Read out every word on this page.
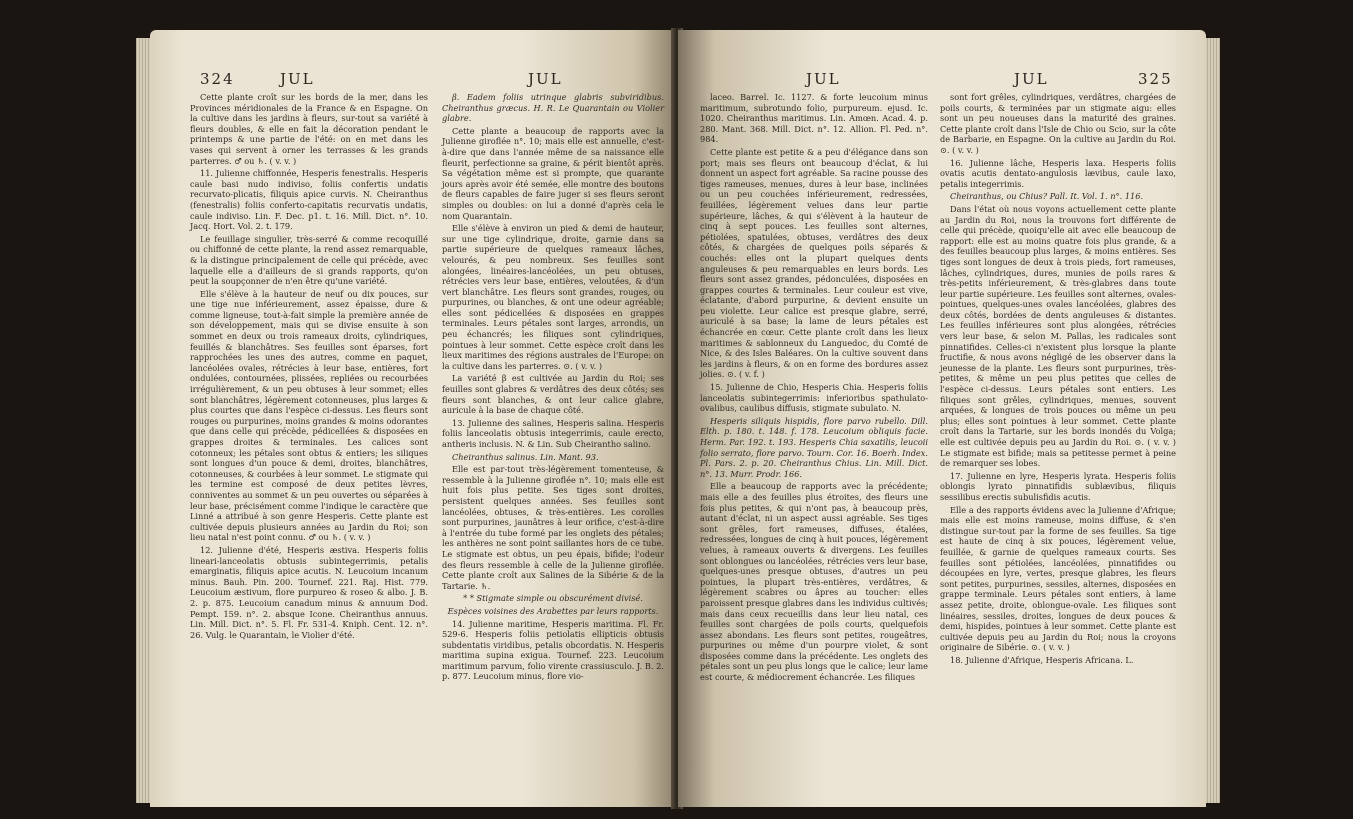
324	JUL	JUL

Cette plante croît sur les bords de la mer, dans les Provinces méridionales de la France & en Espagne. On la cultive dans les jardins à fleurs, sur-tout sa variété à fleurs doubles, & elle en fait la décoration pendant le printemps & une partie de l'été: on en met dans les vases qui servent à orner les terrasses & les grands parterres. ♂ ou ♄. ( v. v. )

11. Julienne chiffonnée, Hesperis fenestralis. Hesperis caule basi nudo indiviso, foliis confertis undatis recurvato-plicatis, filiquis apice curvis. N. Cheiranthus (fenestralis) foliis conferto-capitatis recurvatis undatis, caule indiviso. Lin. F. Dec. p1. t. 16. Mill. Dict. n°. 10. Jacq. Hort. Vol. 2. t. 179.

Le feuillage singulier, très-serré & comme recoquillé ou chiffonné de cette plante, la rend assez remarquable, & la distingue principalement de celle qui précède, avec laquelle elle a d'ailleurs de si grands rapports, qu'on peut la soupçonner de n'en être qu'une variété.

Elle s'élève à la hauteur de neuf ou dix pouces, sur une tige nue inférieurement, assez épaisse, dure & comme ligneuse, tout-à-fait simple la première année de son développement, mais qui se divise ensuite à son sommet en deux ou trois rameaux droits, cylindriques, feuillés & blanchâtres. Ses feuilles sont éparses, fort rapprochées les unes des autres, comme en paquet, lancéolées ovales, rétrécies à leur base, entières, fort ondulées, contournées, plissées, repliées ou recourbées irrégulièrement, & un peu obtuses à leur sommet; elles sont blanchâtres, légèrement cotonneuses, plus larges & plus courtes que dans l'espèce ci-dessus. Les fleurs sont rouges ou purpurines, moins grandes & moins odorantes que dans celle qui précède, pédicellées & disposées en grappes droites & terminales. Les calices sont cotonneux; les pétales sont obtus & entiers; les siliques sont longues d'un pouce & demi, droites, blanchâtres, cotonneuses, & courbées à leur sommet. Le stigmate qui les termine est composé de deux petites lèvres, conniventes au sommet & un peu ouvertes ou séparées à leur base, précisément comme l'indique le caractère que Linné a attribué à son genre Hesperis. Cette plante est cultivée depuis plusieurs années au Jardin du Roi; son lieu natal n'est point connu. ♂ ou ♄. ( v. v. )

12. Julienne d'été, Hesperis æstiva. Hesperis foliis lineari-lanceolatis obtusis subintegerrimis, petalis emarginatis, filiquis apice acutis. N. Leucoium incanum minus. Bauh. Pin. 200. Tournef. 221. Raj. Hist. 779. Leucoium æstivum, flore purpureo & roseo & albo. J. B. 2. p. 875. Leucoium canadum minus & annuum Dod. Pempt. 159. n°. 2. absque Icone. Cheiranthus annuus. Lin. Mill. Dict. n°. 5. Fl. Fr. 531-4. Kniph. Cent. 12. n°. 26. Vulg. le Quarantain, le Violier d'été.

β. Eadem foliis utrinque glabris subviridibus. Cheiranthus græcus. H. R. Le Quarantain ou Violier glabre.

Cette plante a beaucoup de rapports avec la Julienne giroflée n°. 10; mais elle est annuelle, c'est-à-dire que dans l'année même de sa naissance elle fleurit, perfectionne sa graine, & périt bientôt après. Sa végétation même est si prompte, que quarante jours après avoir été semée, elle montre des boutons de fleurs capables de faire juger si ses fleurs seront simples ou doubles: on lui a donné d'après cela le nom Quarantain.

Elle s'élève à environ un pied & demi de hauteur, sur une tige cylindrique, droite, garnie dans sa partie supérieure de quelques rameaux lâches, velourés, & peu nombreux. Ses feuilles sont alongées, linéaires-lancéolées, un peu obtuses, rétrécies vers leur base, entières, veloutées, & d'un vert blanchâtre. Les fleurs sont grandes, rouges, ou purpurines, ou blanches, & ont une odeur agréable; elles sont pédicellées & disposées en grappes terminales. Leurs pétales sont larges, arrondis, un peu échancrés; les filiques sont cylindriques, pointues à leur sommet. Cette espèce croît dans les lieux maritimes des régions australes de l'Europe: on la cultive dans les parterres. ⊙. ( v. v. )

La variété β est cultivée au Jardin du Roi; ses feuilles sont glabres & verdâtres des deux côtés; ses fleurs sont blanches, & ont leur calice glabre, auricule à la base de chaque côté.

13. Julienne des salines, Hesperis salina. Hesperis foliis lanceolatis obtusis integerrimis, caule erecto, antheris inclusis. N. & Lin. Sub Cheirantho salino.

Cheiranthus salinus. Lin. Mant. 93.

Elle est par-tout très-légèrement tomenteuse, & ressemble à la Julienne giroflée n°. 10; mais elle est huit fois plus petite. Ses tiges sont droites, persistent quelques années. Ses feuilles sont lancéolées, obtuses, & très-entières. Les corolles sont purpurines, jaunâtres à leur orifice, c'est-à-dire à l'entrée du tube formé par les onglets des pétales; les anthères ne sont point saillantes hors de ce tube. Le stigmate est obtus, un peu épais, bifide; l'odeur des fleurs ressemble à celle de la Julienne giroflée. Cette plante croît aux Salines de la Sibérie & de la Tartarie. ♄.

* * Stigmate simple ou obscurément divisé.

Espèces voisines des Arabettes par leurs rapports.

14. Julienne maritime, Hesperis maritima. Fl. Fr. 529-6. Hesperis foliis petiolatis ellipticis obtusis subdentatis viridibus, petalis obcordatis. N. Hesperis maritima supina exigua. Tournef. 223. Leucoium maritimum parvum, folio virente crassiusculo. J. B. 2. p. 877. Leucoium minus, flore vio-

JUL	JUL	325

laceo. Barrel. Ic. 1127. & forte leucoium minus maritimum, subrotundo folio, purpureum. ejusd. Ic. 1020. Cheiranthus maritimus. Lin. Amœn. Acad. 4. p. 280. Mant. 368. Mill. Dict. n°. 12. Allion. Fl. Ped. n°. 984.

Cette plante est petite & a peu d'élégance dans son port; mais ses fleurs ont beaucoup d'éclat, & lui donnent un aspect fort agréable. Sa racine pousse des tiges rameuses, menues, dures à leur base, inclinées ou un peu couchées inférieurement, redressées, feuillées, légèrement velues dans leur partie supérieure, lâches, & qui s'élèvent à la hauteur de cinq à sept pouces. Les feuilles sont alternes, pétiolées, spatulées, obtuses, verdâtres des deux côtés, & chargées de quelques poils séparés & couchés: elles ont la plupart quelques dents anguleuses & peu remarquables en leurs bords. Les fleurs sont assez grandes, pédonculées, disposées en grappes courtes & terminales. Leur couleur est vive, éclatante, d'abord purpurine, & devient ensuite un peu violette. Leur calice est presque glabre, serré, auriculé à sa base; la lame de leurs pétales est échancrée en cœur. Cette plante croît dans les lieux maritimes & sablonneux du Languedoc, du Comté de Nice, & des Isles Baléares. On la cultive souvent dans les jardins à fleurs, & on en forme des bordures assez jolies. ⊙. ( v. f. )

15. Julienne de Chio, Hesperis Chia. Hesperis foliis lanceolatis subintegerrimis: inferioribus spathulato-ovalibus, caulibus diffusis, stigmate subulato. N.

Hesperis siliquis hispidis, flore parvo rubello. Dill. Elth. p. 180. t. 148. f. 178. Leucoium obliquis facie. Herm. Par. 192. t. 193. Hesperis Chia saxatilis, leucoii folio serrato, flore parvo. Tourn. Cor. 16. Boerh. Index. Pl. Pars. 2. p. 20. Cheiranthus Chius. Lin. Mill. Dict. n°. 13. Murr. Prodr. 166.

Elle a beaucoup de rapports avec la précédente; mais elle a des feuilles plus étroites, des fleurs une fois plus petites, & qui n'ont pas, à beaucoup près, autant d'éclat, ni un aspect aussi agréable. Ses tiges sont grêles, fort rameuses, diffuses, étalées, redressées, longues de cinq à huit pouces, légèrement velues, à rameaux ouverts & divergens. Les feuilles sont oblongues ou lancéolées, rétrécies vers leur base, quelques-unes presque obtuses, d'autres un peu pointues, la plupart très-entières, verdâtres, & légèrement scabres ou âpres au toucher: elles paroissent presque glabres dans les individus cultivés; mais dans ceux recueillis dans leur lieu natal, ces feuilles sont chargées de poils courts, quelquefois assez abondans. Les fleurs sont petites, rougeâtres, purpurines ou même d'un pourpre violet, & sont disposées comme dans la précédente. Les onglets des pétales sont un peu plus longs que le calice; leur lame est courte, & médiocrement échancrée. Les filiques

sont fort grêles, cylindriques, verdâtres, chargées de poils courts, & terminées par un stigmate aigu: elles sont un peu noueuses dans la maturité des graines. Cette plante croît dans l'Isle de Chio ou Scio, sur la côte de Barbarie, en Espagne. On la cultive au Jardin du Roi. ⊙. ( v. v. )

16. Julienne lâche, Hesperis laxa. Hesperis foliis ovatis acutis dentato-angulosis lævibus, caule laxo, petalis integerrimis.

Cheiranthus, ou Chius? Pall. It. Vol. 1. n°. 116.

Dans l'état où nous voyons actuellement cette plante au Jardin du Roi, nous la trouvons fort différente de celle qui précède, quoiqu'elle ait avec elle beaucoup de rapport: elle est au moins quatre fois plus grande, & a des feuilles beaucoup plus larges, & moins entières. Ses tiges sont longues de deux à trois pieds, fort rameuses, lâches, cylindriques, dures, munies de poils rares & très-petits inférieurement, & très-glabres dans toute leur partie supérieure. Les feuilles sont alternes, ovales-pointues, quelques-unes ovales lancéolées, glabres des deux côtés, bordées de dents anguleuses & distantes. Les feuilles inférieures sont plus alongées, rétrécies vers leur base, & selon M. Pallas, les radicales sont pinnatifides. Celles-ci n'existent plus lorsque la plante fructifie, & nous avons négligé de les observer dans la jeunesse de la plante. Les fleurs sont purpurines, très-petites, & même un peu plus petites que celles de l'espèce ci-dessus. Leurs pétales sont entiers. Les filiques sont grêles, cylindriques, menues, souvent arquées, & longues de trois pouces ou même un peu plus; elles sont pointues à leur sommet. Cette plante croît dans la Tartarie, sur les bords inondés du Volga; elle est cultivée depuis peu au Jardin du Roi. ⊙. ( v. v. ) Le stigmate est bifide; mais sa petitesse permet à peine de remarquer ses lobes.

17. Julienne en lyre, Hesperis lyrata. Hesperis foliis oblongis lyrato pinnatifidis sublævibus, filiquis sessilibus erectis subulisfidis acutis.

Elle a des rapports évidens avec la Julienne d'Afrique; mais elle est moins rameuse, moins diffuse, & s'en distingue sur-tout par la forme de ses feuilles. Sa tige est haute de cinq à six pouces, légèrement velue, feuillée, & garnie de quelques rameaux courts. Ses feuilles sont pétiolées, lancéolées, pinnatifides ou découpées en lyre, vertes, presque glabres, les fleurs sont petites, purpurines, sessiles, alternes, disposées en grappe terminale. Leurs pétales sont entiers, à lame assez petite, droite, oblongue-ovale. Les filiques sont linéaires, sessiles, droites, longues de deux pouces & demi, hispides, pointues à leur sommet. Cette plante est cultivée depuis peu au Jardin du Roi; nous la croyons originaire de Sibérie. ⊙. ( v. v. )

18. Julienne d'Afrique, Hesperis Africana. L.
